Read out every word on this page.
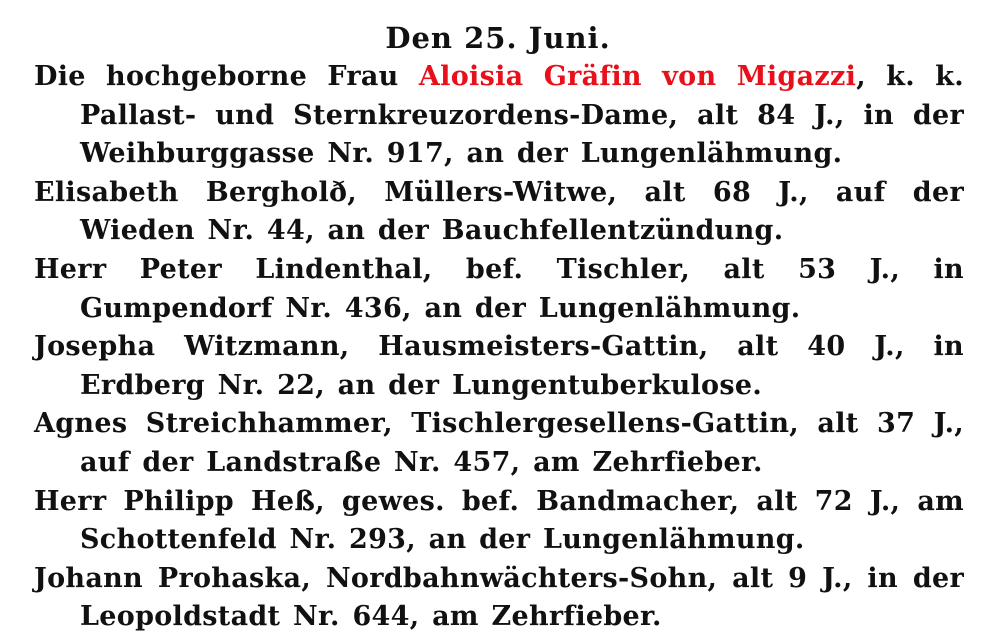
Den 25. Juni.
Die hochgeborne Frau Aloisia Gräfin von Migazzi, k. k. Pallast- und Sternkreuzordens-Dame, alt 84 J., in der Weihburggasse Nr. 917, an der Lungenlähmung.
Elisabeth Bergholð, Müllers-Witwe, alt 68 J., auf der Wieden Nr. 44, an der Bauchfellentzündung.
Herr Peter Lindenthal, bef. Tischler, alt 53 J., in Gumpendorf Nr. 436, an der Lungenlähmung.
Josepha Witzmann, Hausmeisters-Gattin, alt 40 J., in Erdberg Nr. 22, an der Lungentuberkulose.
Agnes Streichhammer, Tischlergesellens-Gattin, alt 37 J., auf der Landstraße Nr. 457, am Zehrfieber.
Herr Philipp Heß, gewes. bef. Bandmacher, alt 72 J., am Schottenfeld Nr. 293, an der Lungenlähmung.
Johann Prohaska, Nordbahnwächters-Sohn, alt 9 J., in der Leopoldstadt Nr. 644, am Zehrfieber.
